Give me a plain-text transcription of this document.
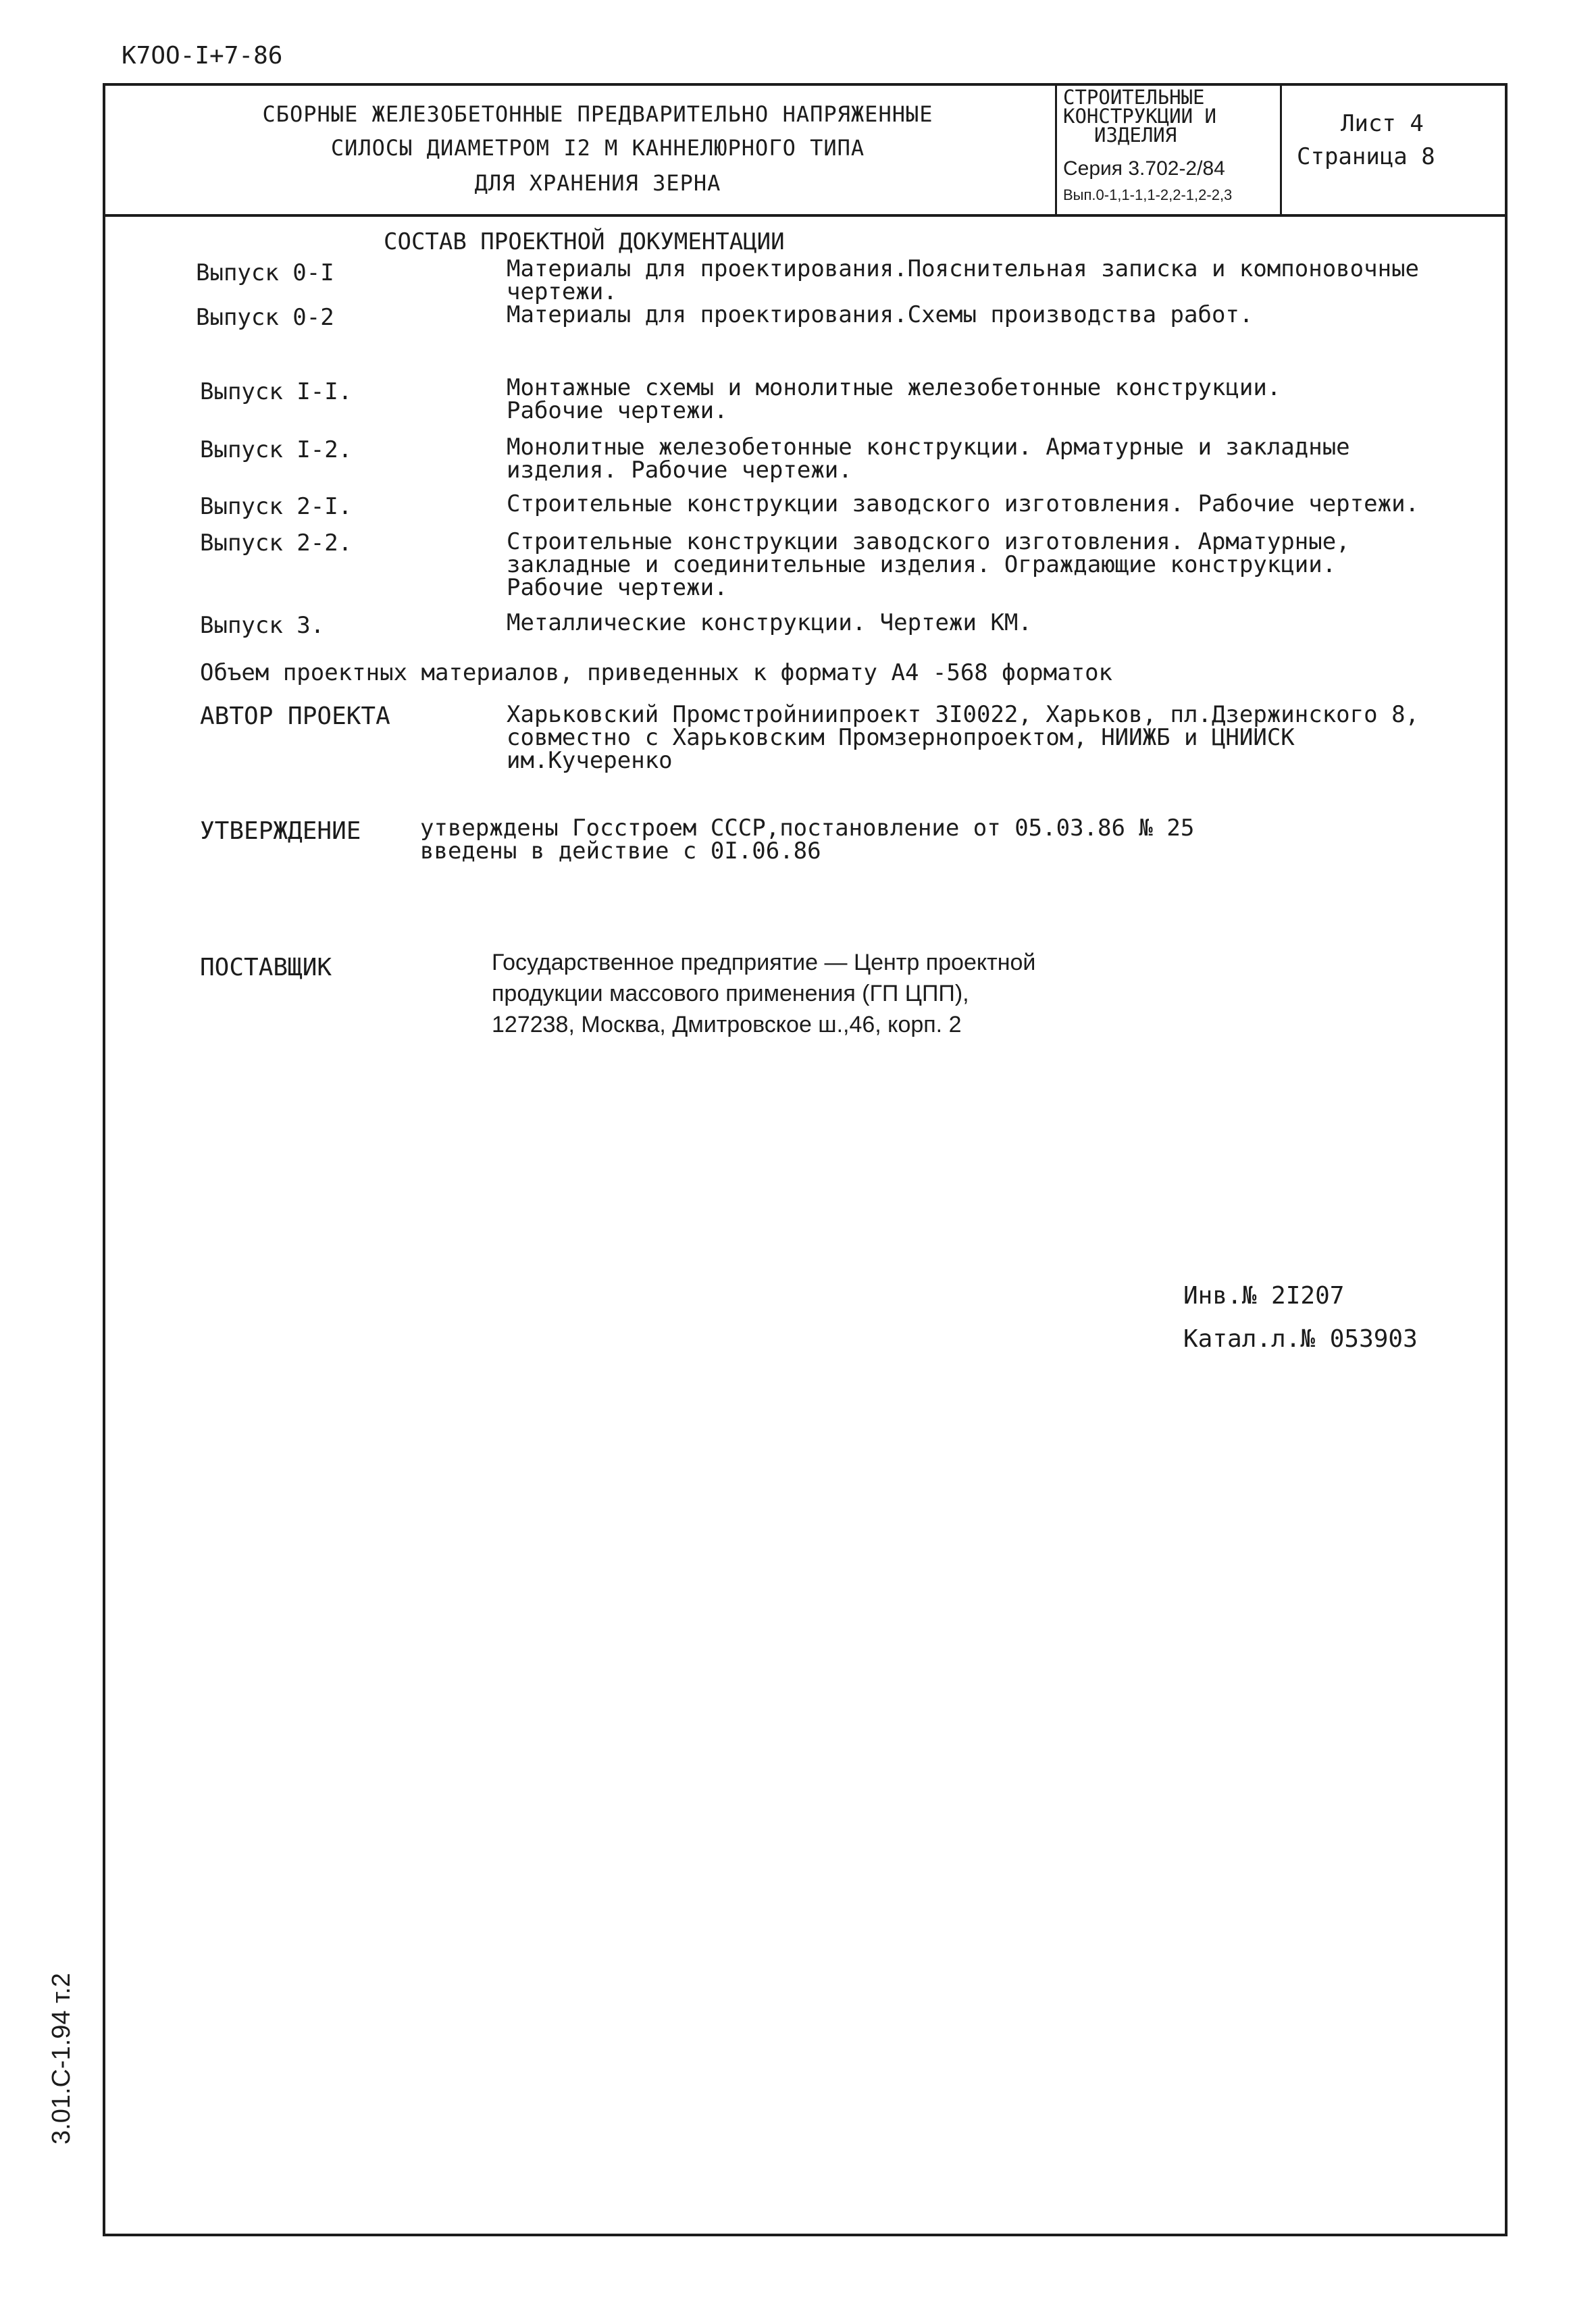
К7ОО-I+7-86
СБОРНЫЕ ЖЕЛЕЗОБЕТОННЫЕ ПРЕДВАРИТЕЛЬНО НАПРЯЖЕННЫЕ
СИЛОСЫ ДИАМЕТРОМ I2 М КАННЕЛЮРНОГО ТИПА
ДЛЯ ХРАНЕНИЯ ЗЕРНА
СТРОИТЕЛЬНЫЕ
КОНСТРУКЦИИ И
ИЗДЕЛИЯ
Серия 3.702-2/84
Вып.0-1,1-1,1-2,2-1,2-2,3
Лист 4
Страница 8
СОСТАВ ПРОЕКТНОЙ ДОКУМЕНТАЦИИ
Выпуск 0-I	Материалы для проектирования.Пояснительная записка и компоновочные
чертежи.
Выпуск 0-2	Материалы для проектирования.Схемы производства работ.
Выпуск I-I.	Монтажные схемы и монолитные железобетонные конструкции.
Рабочие чертежи.
Выпуск I-2.	Монолитные железобетонные конструкции. Арматурные и закладные
изделия. Рабочие чертежи.
Выпуск 2-I.	Строительные конструкции заводского изготовления. Рабочие чертежи.
Выпуск 2-2.	Строительные конструкции заводского изготовления. Арматурные,
закладные и соединительные изделия. Ограждающие конструкции.
Рабочие чертежи.
Выпуск 3.	Металлические конструкции. Чертежи КМ.
Объем проектных материалов, приведенных к формату А4 -568 форматок
АВТОР ПРОЕКТА	Харьковский Промстройниипроект 3I0022, Харьков, пл.Дзержинского 8,
совместно с Харьковским Промзернопроектом, НИИЖБ и ЦНИИСК
им.Кучеренко
УТВЕРЖДЕНИЕ	утверждены Госстроем СССР,постановление от 05.03.86 № 25
введены в действие с 0I.06.86
ПОСТАВЩИК	Государственное предприятие — Центр проектной
продукции массового применения (ГП ЦПП),
127238, Москва, Дмитровское ш.,46, корп. 2
Инв.№ 2I207
Катал.л.№ 053903
3.01.С-1.94 т.2
